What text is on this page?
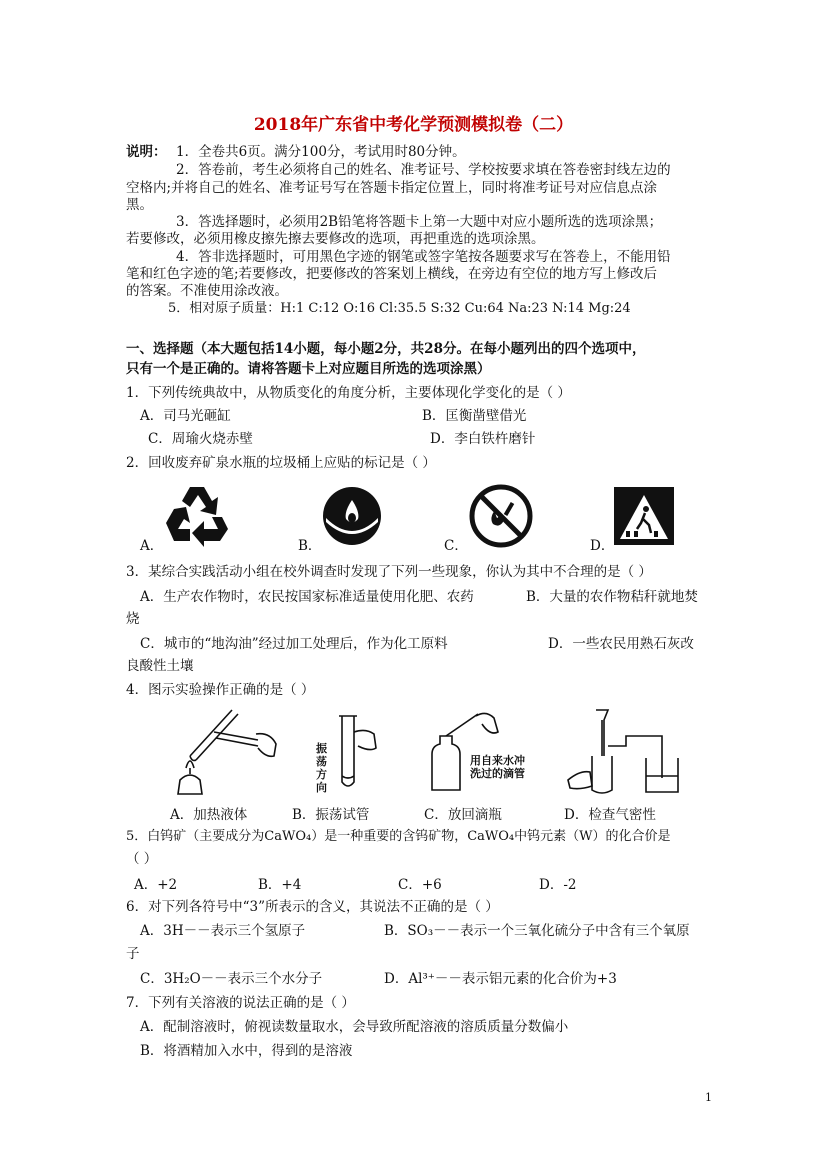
2018年广东省中考化学预测模拟卷（二）
说明： 1．全卷共6页。满分100分，考试用时80分钟。
2．答卷前，考生必须将自己的姓名、准考证号、学校按要求填在答卷密封线左边的
空格内;并将自己的姓名、准考证号写在答题卡指定位置上，同时将准考证号对应信息点涂
黑。
3．答选择题时，必须用2B铅笔将答题卡上第一大题中对应小题所选的选项涂黑；
若要修改，必须用橡皮擦先擦去要修改的选项，再把重选的选项涂黑。
4．答非选择题时，可用黑色字迹的钢笔或签字笔按各题要求写在答卷上，不能用铅
笔和红色字迹的笔;若要修改，把要修改的答案划上横线，在旁边有空位的地方写上修改后
的答案。不准使用涂改液。
5．相对原子质量：H:1 C:12 O:16 Cl:35.5 S:32 Cu:64 Na:23 N:14 Mg:24
一、选择题（本大题包括14小题，每小题2分，共28分。在每小题列出的四个选项中，
只有一个是正确的。请将答题卡上对应题目所选的选项涂黑）
1．下列传统典故中，从物质变化的角度分析，主要体现化学变化的是（ ）
A．司马光砸缸	B．匡衡凿壁借光
C．周瑜火烧赤壁	D．李白铁杵磨针
2．回收废弃矿泉水瓶的垃圾桶上应贴的标记是（ ）
A．	B．	C．	D．
3．某综合实践活动小组在校外调查时发现了下列一些现象，你认为其中不合理的是（ ）
A．生产农作物时，农民按国家标准适量使用化肥、农药	B．大量的农作物秸秆就地焚
烧
C．城市的“地沟油”经过加工处理后，作为化工原料	D．一些农民用熟石灰改
良酸性土壤
4．图示实验操作正确的是（ ）
振
荡
方
向
用自来水冲
洗过的滴管
A．加热液体	B．振荡试管	C．放回滴瓶	D．检查气密性
5．白钨矿（主要成分为CaWO₄）是一种重要的含钨矿物，CaWO₄中钨元素（W）的化合价是
（ ）
A．+2	B．+4	C．+6	D．-2
6．对下列各符号中“3”所表示的含义，其说法不正确的是（ ）
A．3H－－表示三个氢原子	B．SO₃－－表示一个三氧化硫分子中含有三个氧原
子
C．3H₂O－－表示三个水分子	D．Al³⁺－－表示铝元素的化合价为+3
7．下列有关溶液的说法正确的是（ ）
A．配制溶液时，俯视读数量取水，会导致所配溶液的溶质质量分数偏小
B．将酒精加入水中，得到的是溶液
1
